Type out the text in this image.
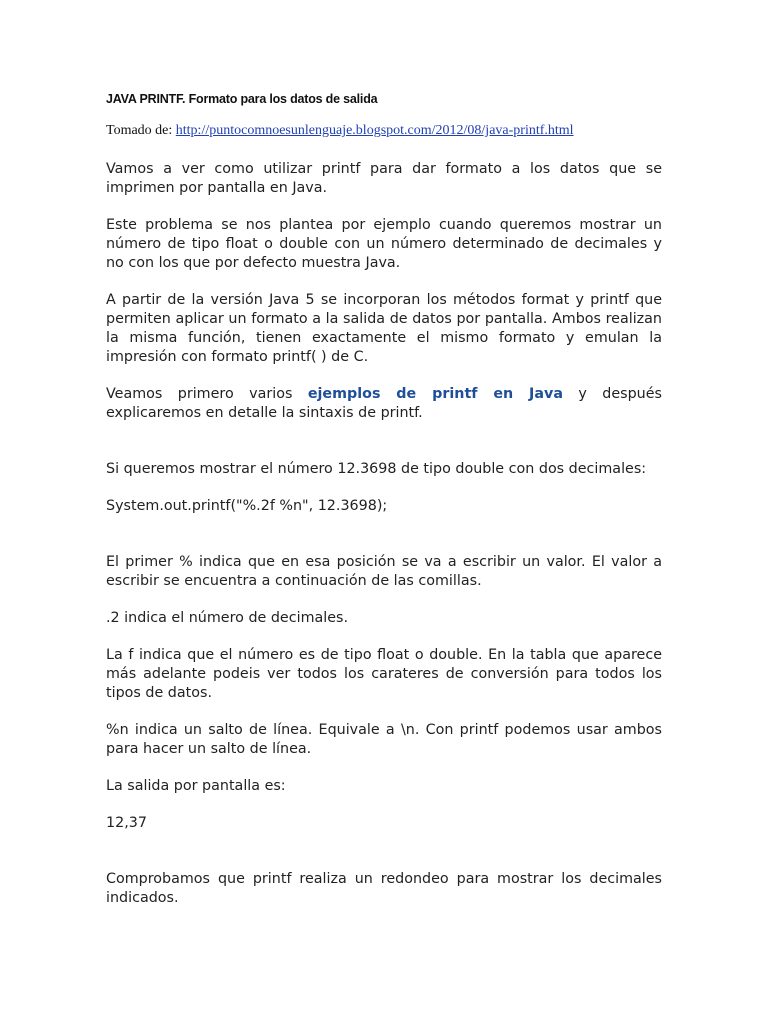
JAVA PRINTF. Formato para los datos de salida
Tomado de: http://puntocomnoesunlenguaje.blogspot.com/2012/08/java-printf.html

Vamos a ver como utilizar printf para dar formato a los datos que se imprimen por pantalla en Java.

Este problema se nos plantea por ejemplo cuando queremos mostrar un número de tipo float o double con un número determinado de decimales y no con los que por defecto muestra Java.

A partir de la versión Java 5 se incorporan los métodos format y printf que permiten aplicar un formato a la salida de datos por pantalla. Ambos realizan la misma función, tienen exactamente el mismo formato y emulan la impresión con formato printf( ) de C.

Veamos primero varios ejemplos de printf en Java y después explicaremos en detalle la sintaxis de printf.

Si queremos mostrar el número 12.3698 de tipo double con dos decimales:

System.out.printf("%.2f %n", 12.3698);

El primer % indica que en esa posición se va a escribir un valor. El valor a escribir se encuentra a continuación de las comillas.

.2 indica el número de decimales.

La f indica que el número es de tipo float o double. En la tabla que aparece más adelante podeis ver todos los carateres de conversión para todos los tipos de datos.

%n indica un salto de línea. Equivale a \n. Con printf podemos usar ambos para hacer un salto de línea.

La salida por pantalla es:

12,37

Comprobamos que printf realiza un redondeo para mostrar los decimales indicados.
